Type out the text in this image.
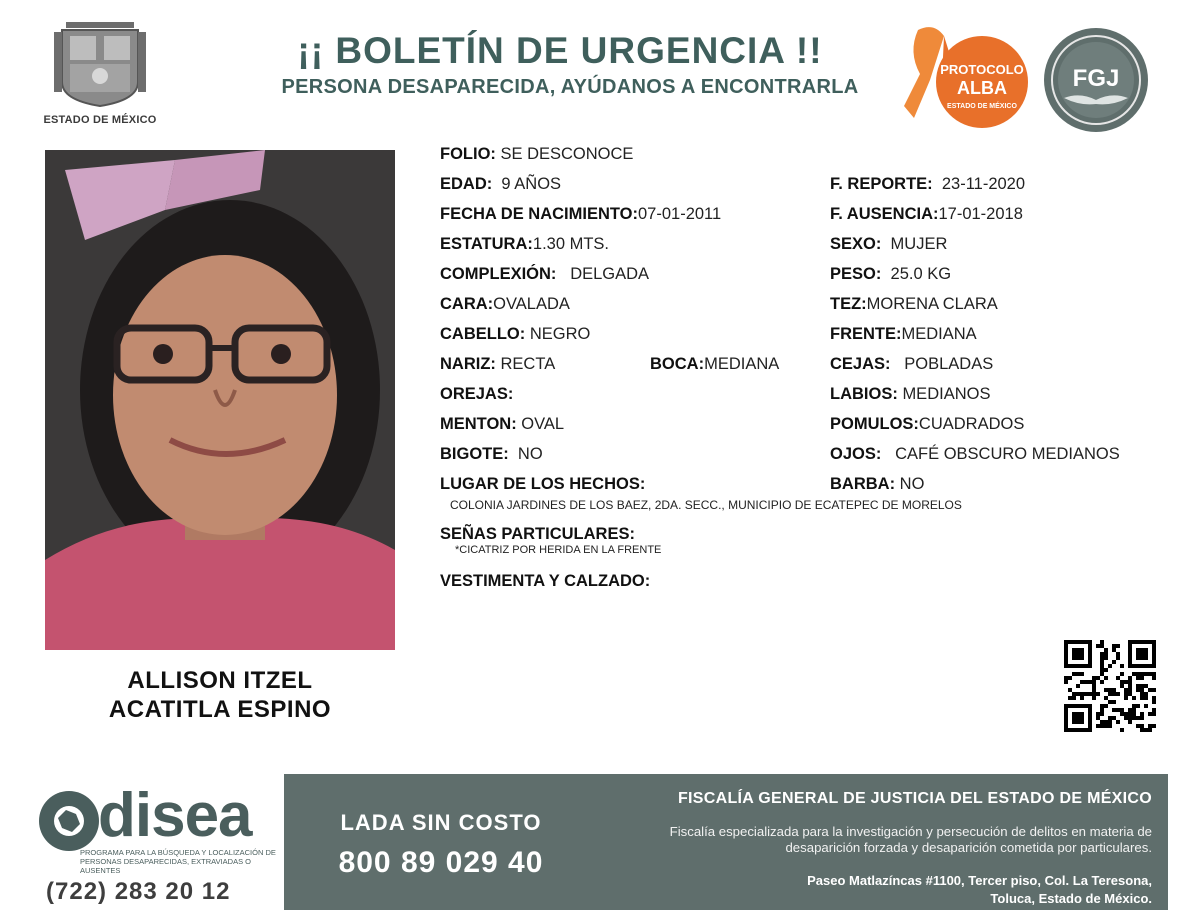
ESTADO DE MÉXICO
¡¡ BOLETÍN DE URGENCIA !!
PERSONA DESAPARECIDA, AYÚDANOS A ENCONTRARLA
PROTOCOLO
ALBA
ESTADO DE MÉXICO
FGJ
ALLISON ITZEL
ACATITLA ESPINO
FOLIO: SE DESCONOCE
EDAD: 9 AÑOS	F. REPORTE: 23-11-2020
FECHA DE NACIMIENTO:07-01-2011	F. AUSENCIA:17-01-2018
ESTATURA:1.30 MTS.	SEXO: MUJER
COMPLEXIÓN: DELGADA	PESO: 25.0 KG
CARA:OVALADA	TEZ:MORENA CLARA
CABELLO: NEGRO	FRENTE:MEDIANA
NARIZ: RECTA	BOCA:MEDIANA	CEJAS: POBLADAS
OREJAS:	LABIOS: MEDIANOS
MENTON: OVAL	POMULOS:CUADRADOS
BIGOTE: NO	OJOS: CAFÉ OBSCURO MEDIANOS
LUGAR DE LOS HECHOS:	BARBA: NO
COLONIA JARDINES DE LOS BAEZ, 2DA. SECC., MUNICIPIO DE ECATEPEC DE MORELOS
SEÑAS PARTICULARES:
*CICATRIZ POR HERIDA EN LA FRENTE
VESTIMENTA Y CALZADO:
disea
PROGRAMA PARA LA BÚSQUEDA Y LOCALIZACIÓN DE PERSONAS DESAPARECIDAS, EXTRAVIADAS O AUSENTES
(722) 283 20 12
LADA SIN COSTO
800 89 029 40
FISCALÍA GENERAL DE JUSTICIA DEL ESTADO DE MÉXICO
Fiscalía especializada para la investigación y persecución de delitos en materia de desaparición forzada y desaparición cometida por particulares.
Paseo Matlazíncas #1100, Tercer piso, Col. La Teresona,
Toluca, Estado de México.
